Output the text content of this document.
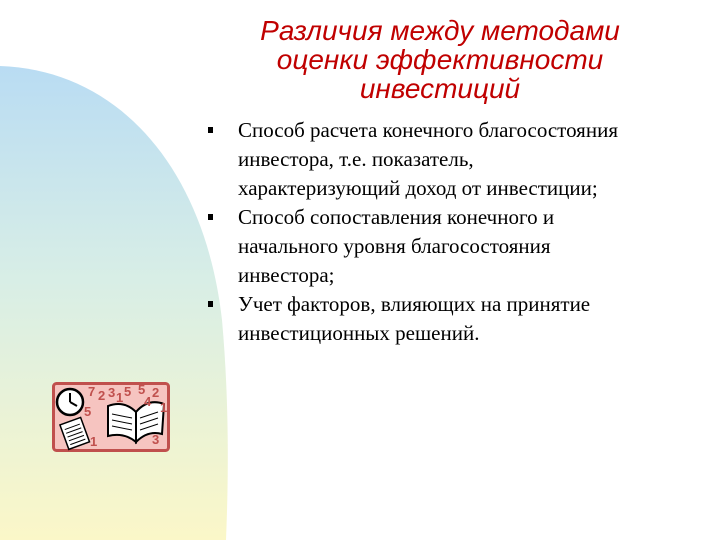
Различия между методами
оценки эффективности
инвестиций
Способ расчета конечного благосостояния
инвестора, т.е. показатель,
характеризующий доход от инвестиции;
Способ сопоставления конечного и
начального уровня благосостояния
инвестора;
Учет факторов, влияющих на принятие
инвестиционных решений.
7 2 3 1 5 5 2
5
1
1
3
4
